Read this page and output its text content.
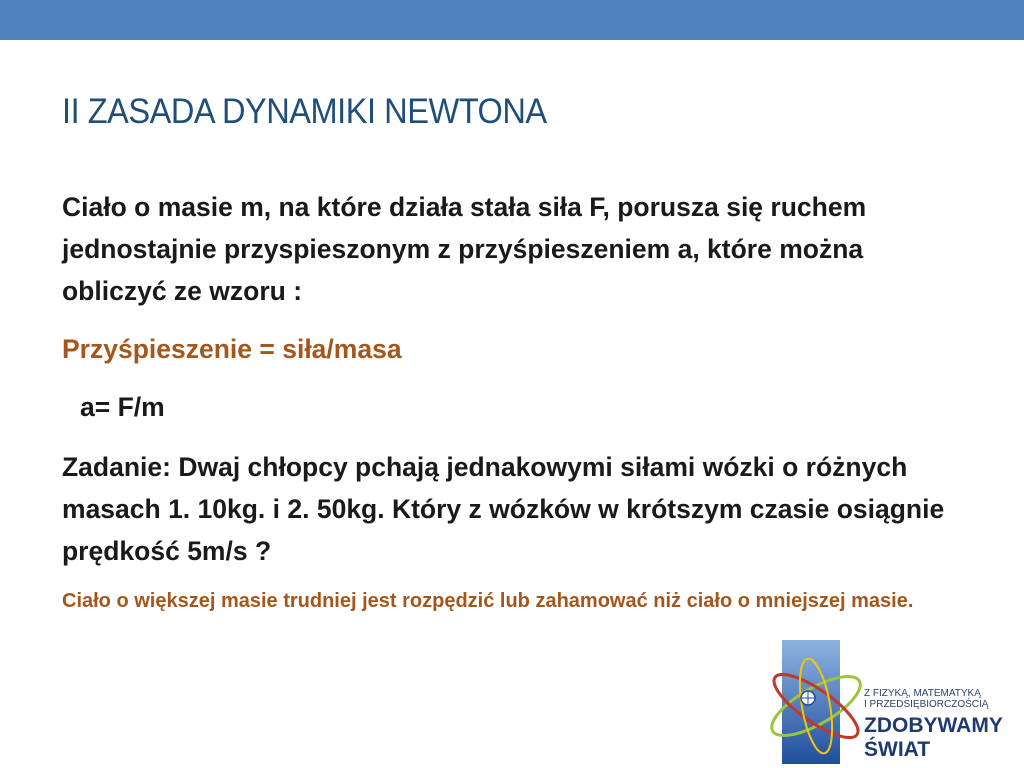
II ZASADA DYNAMIKI NEWTONA

Ciało o masie m, na które działa stała siła F, porusza się ruchem jednostajnie przyspieszonym z przyśpieszeniem a, które można obliczyć ze wzoru :

Przyśpieszenie = siła/masa

a= F/m

Zadanie: Dwaj chłopcy pchają jednakowymi siłami wózki o różnych masach 1. 10kg. i 2. 50kg. Który z wózków w krótszym czasie osiągnie prędkość 5m/s ?

Ciało o większej masie trudniej jest rozpędzić lub zahamować niż ciało o mniejszej masie.

Z FIZYKĄ, MATEMATYKĄ
I PRZEDSIĘBIORCZOŚCIĄ
ZDOBYWAMY
ŚWIAT
